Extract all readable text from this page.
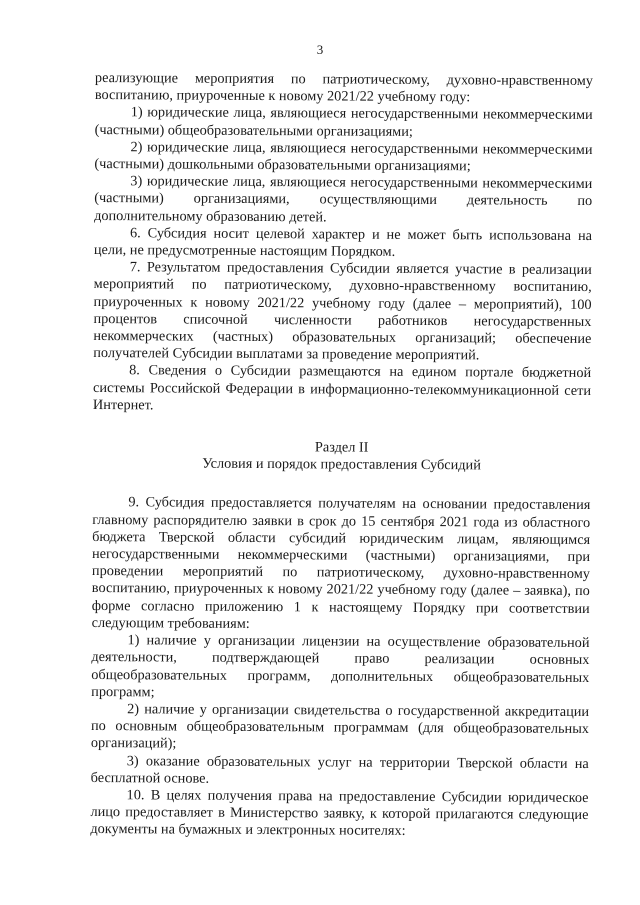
3

реализующие мероприятия по патриотическому, духовно-нравственному воспитанию, приуроченные к новому 2021/22 учебному году:

1) юридические лица, являющиеся негосударственными некоммерческими (частными) общеобразовательными организациями;

2) юридические лица, являющиеся негосударственными некоммерческими (частными) дошкольными образовательными организациями;

3) юридические лица, являющиеся негосударственными некоммерческими (частными) организациями, осуществляющими деятельность по дополнительному образованию детей.

6. Субсидия носит целевой характер и не может быть использована на цели, не предусмотренные настоящим Порядком.

7. Результатом предоставления Субсидии является участие в реализации мероприятий по патриотическому, духовно-нравственному воспитанию, приуроченных к новому 2021/22 учебному году (далее – мероприятий), 100 процентов списочной численности работников негосударственных некоммерческих (частных) образовательных организаций; обеспечение получателей Субсидии выплатами за проведение мероприятий.

8. Сведения о Субсидии размещаются на едином портале бюджетной системы Российской Федерации в информационно-телекоммуникационной сети Интернет.

Раздел II

Условия и порядок предоставления Субсидий

9. Субсидия предоставляется получателям на основании предоставления главному распорядителю заявки в срок до 15 сентября 2021 года из областного бюджета Тверской области субсидий юридическим лицам, являющимся негосударственными некоммерческими (частными) организациями, при проведении мероприятий по патриотическому, духовно-нравственному воспитанию, приуроченных к новому 2021/22 учебному году (далее – заявка), по форме согласно приложению 1 к настоящему Порядку при соответствии следующим требованиям:

1) наличие у организации лицензии на осуществление образовательной деятельности, подтверждающей право реализации основных общеобразовательных программ, дополнительных общеобразовательных программ;

2) наличие у организации свидетельства о государственной аккредитации по основным общеобразовательным программам (для общеобразовательных организаций);

3) оказание образовательных услуг на территории Тверской области на бесплатной основе.

10. В целях получения права на предоставление Субсидии юридическое лицо предоставляет в Министерство заявку, к которой прилагаются следующие документы на бумажных и электронных носителях:
